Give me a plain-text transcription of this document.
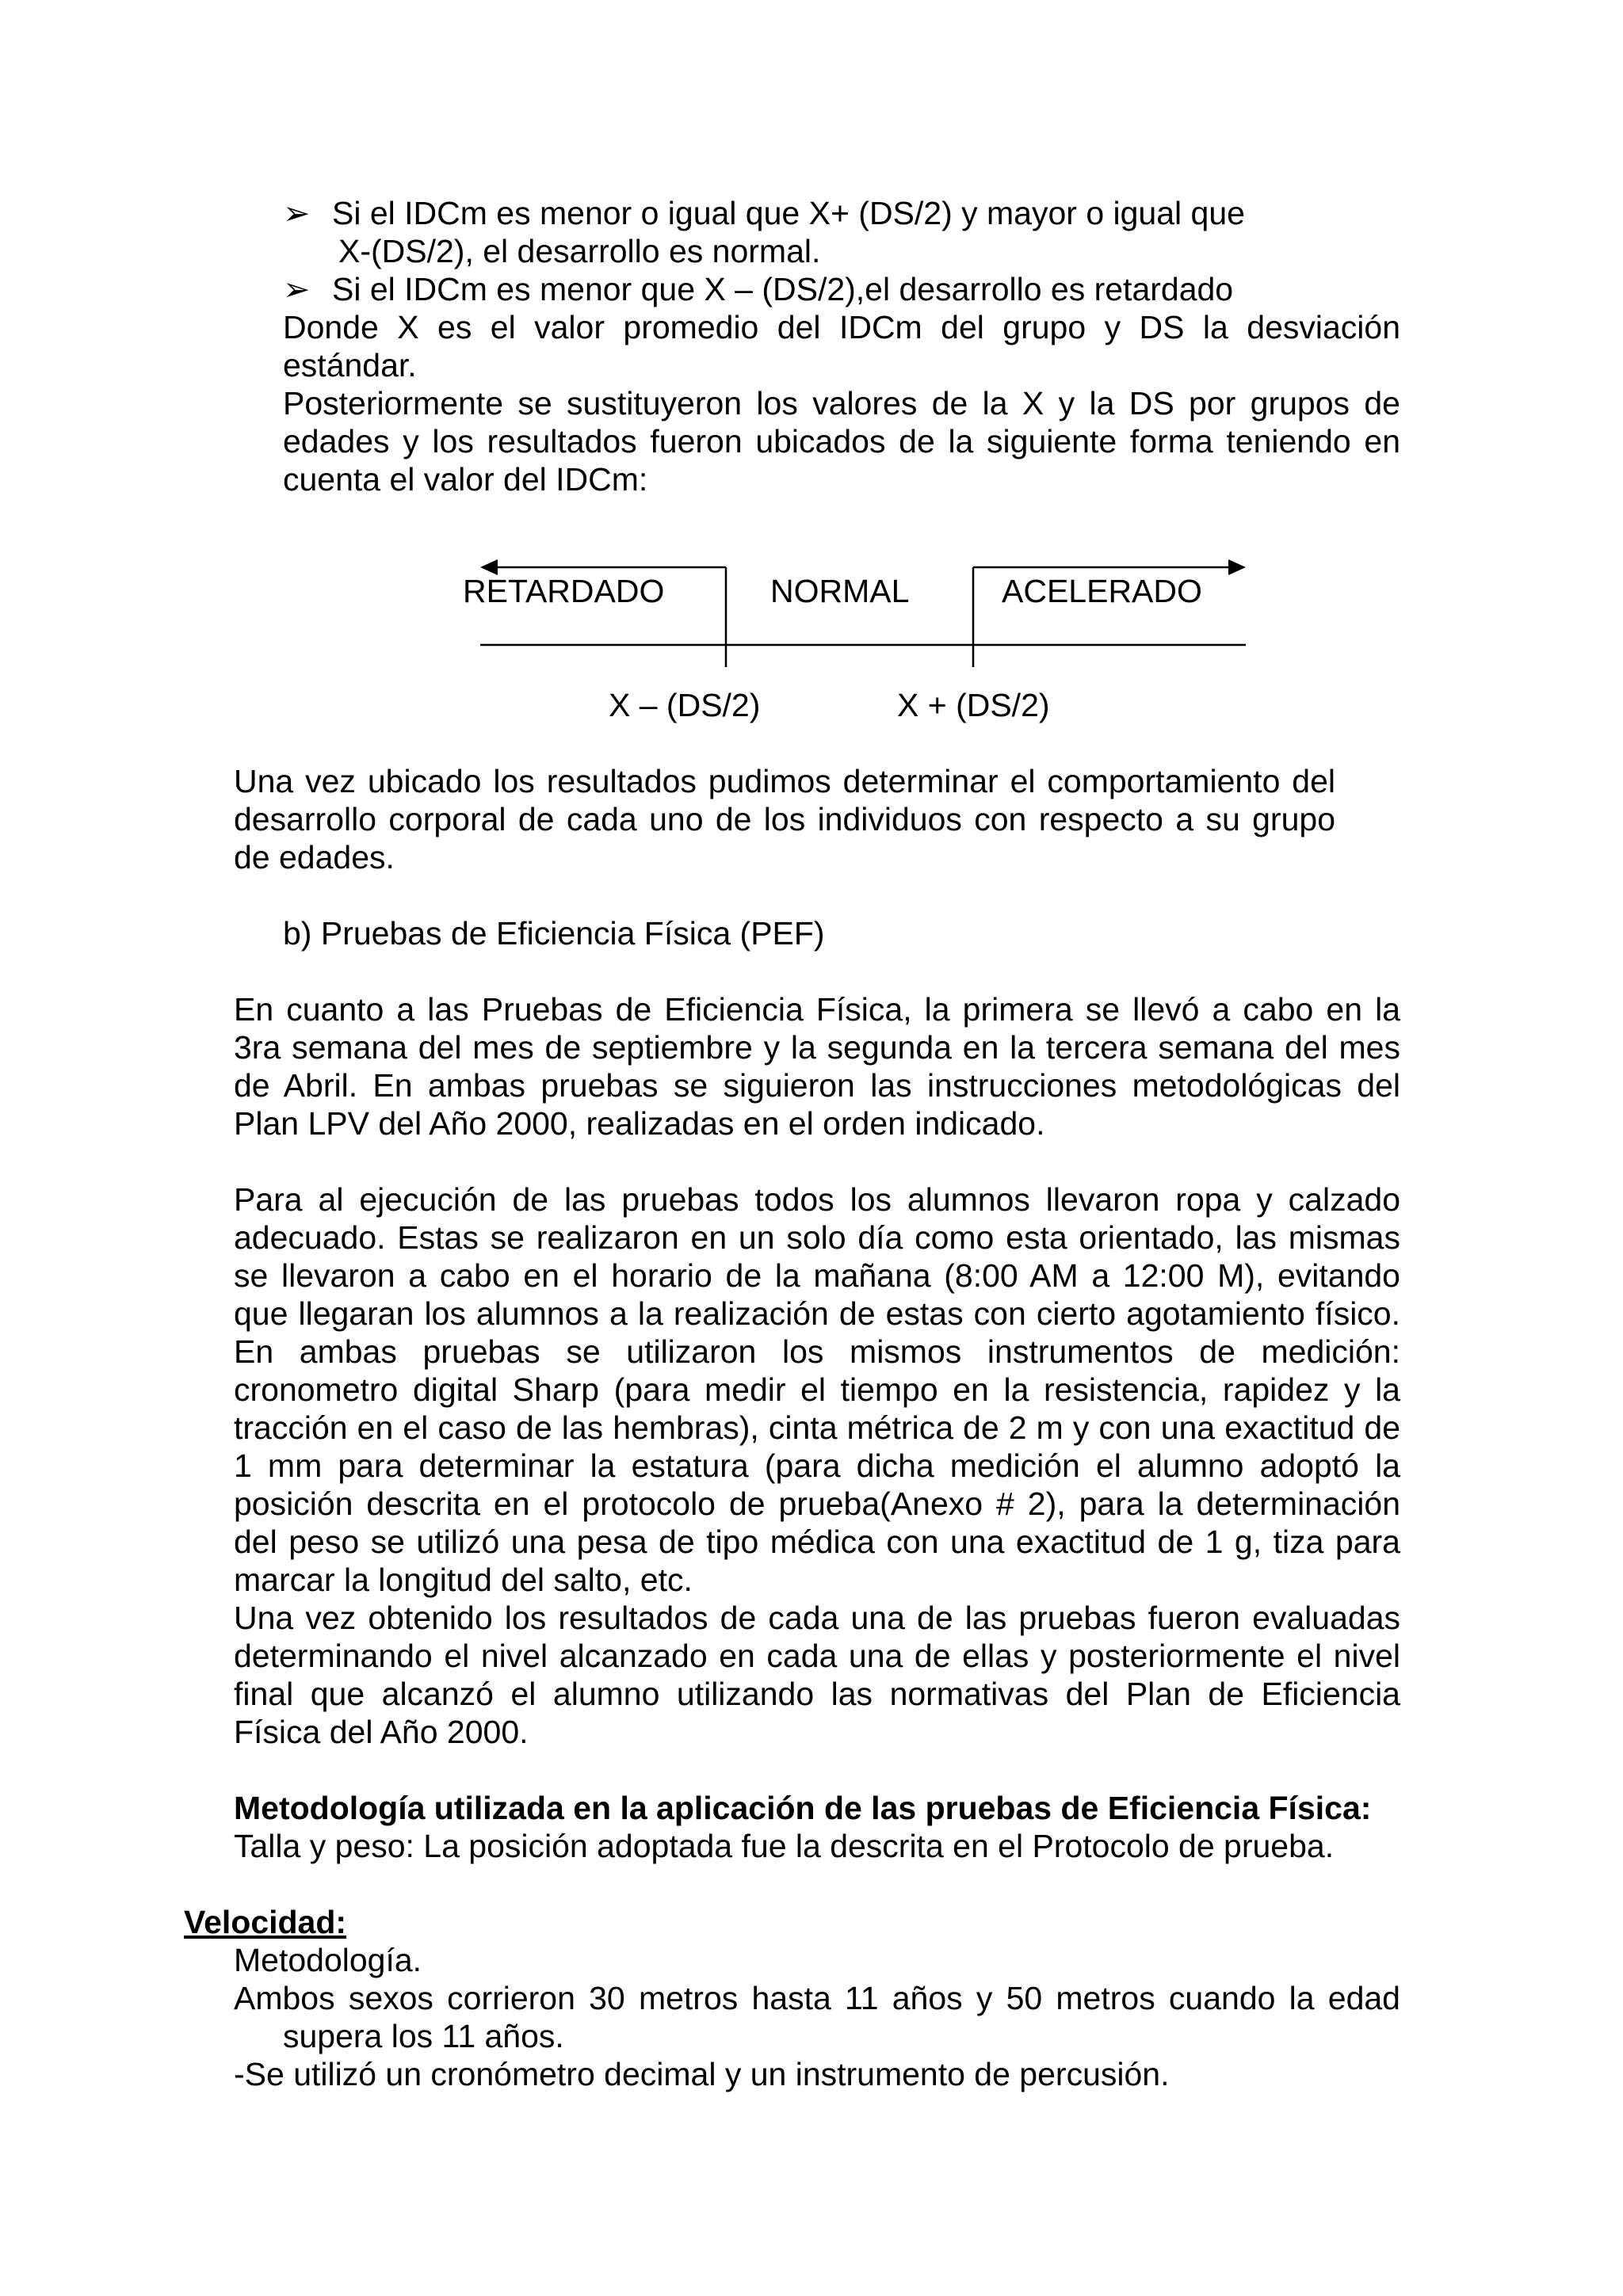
➢ Si el IDCm es menor o igual que X+ (DS/2) y mayor o igual que
X-(DS/2), el desarrollo es normal.
➢ Si el IDCm es menor que X – (DS/2),el desarrollo es retardado
Donde X es el valor promedio del IDCm del grupo y DS la desviación estándar.
Posteriormente se sustituyeron los valores de la X y la DS por grupos de edades y los resultados fueron ubicados de la siguiente forma teniendo en cuenta el valor del IDCm:
RETARDADO	NORMAL	ACELERADO
X – (DS/2)	X + (DS/2)
Una vez ubicado los resultados pudimos determinar el comportamiento del desarrollo corporal de cada uno de los individuos con respecto a su grupo de edades.
b) Pruebas de Eficiencia Física (PEF)
En cuanto a las Pruebas de Eficiencia Física, la primera se llevó a cabo en la 3ra semana del mes de septiembre y la segunda en la tercera semana del mes de Abril. En ambas pruebas se siguieron las instrucciones metodológicas del Plan LPV del Año 2000, realizadas en el orden indicado.
Para al ejecución de las pruebas todos los alumnos llevaron ropa y calzado adecuado. Estas se realizaron en un solo día como esta orientado, las mismas se llevaron a cabo en el horario de la mañana (8:00 AM a 12:00 M), evitando que llegaran los alumnos a la realización de estas con cierto agotamiento físico. En ambas pruebas se utilizaron los mismos instrumentos de medición: cronometro digital Sharp (para medir el tiempo en la resistencia, rapidez y la tracción en el caso de las hembras), cinta métrica de 2 m y con una exactitud de 1 mm para determinar la estatura (para dicha medición el alumno adoptó la posición descrita en el protocolo de prueba(Anexo # 2), para la determinación del peso se utilizó una pesa de tipo médica con una exactitud de 1 g, tiza para marcar la longitud del salto, etc.
Una vez obtenido los resultados de cada una de las pruebas fueron evaluadas determinando el nivel alcanzado en cada una de ellas y posteriormente el nivel final que alcanzó el alumno utilizando las normativas del Plan de Eficiencia Física del Año 2000.
Metodología utilizada en la aplicación de las pruebas de Eficiencia Física:
Talla y peso: La posición adoptada fue la descrita en el Protocolo de prueba.
Velocidad:
Metodología.
Ambos sexos corrieron 30 metros hasta 11 años y 50 metros cuando la edad
supera los 11 años.
-Se utilizó un cronómetro decimal y un instrumento de percusión.
